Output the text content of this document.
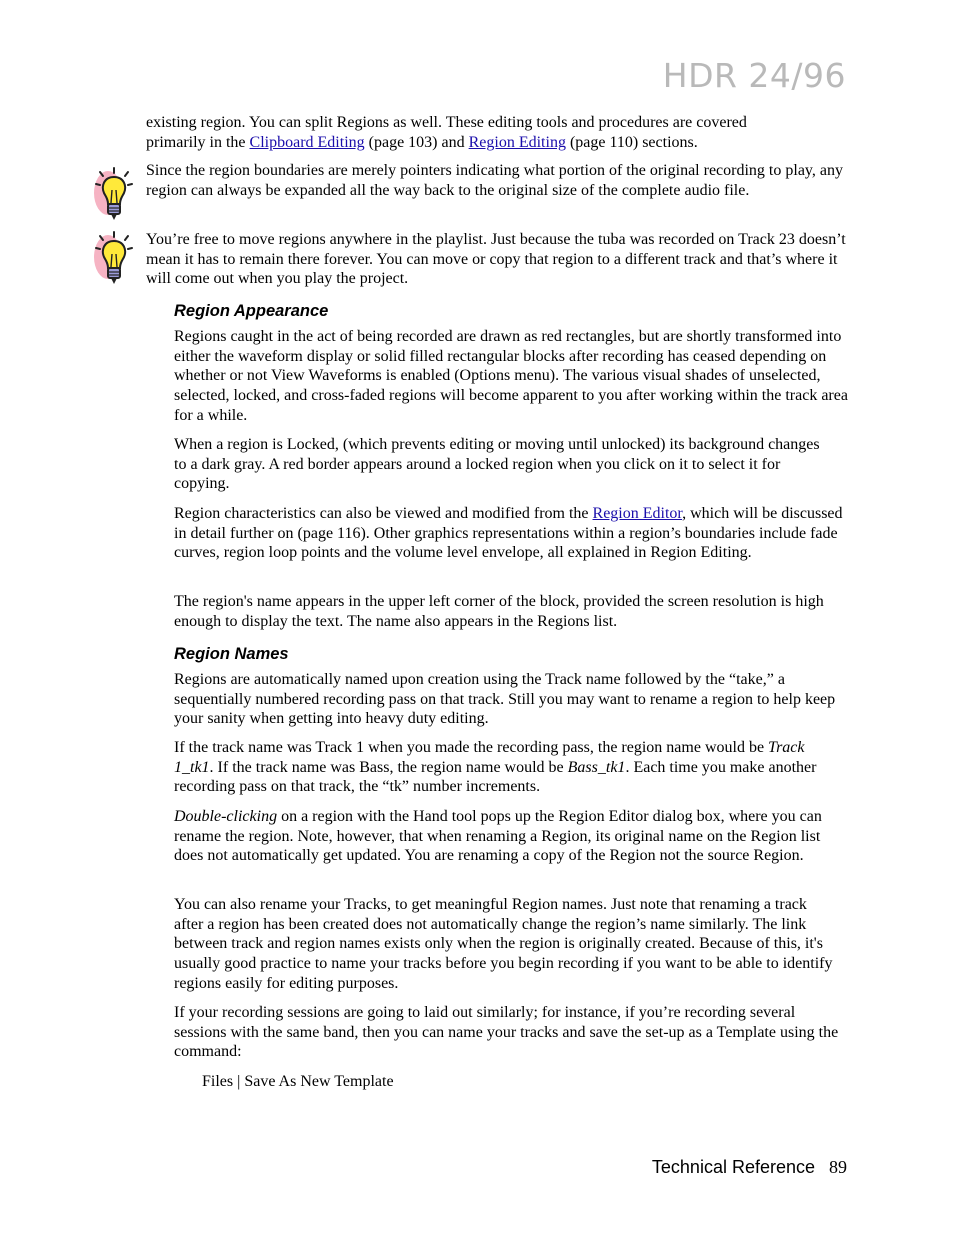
HDR 24/96
existing region. You can split Regions as well. These editing tools and procedures are covered
primarily in the Clipboard Editing (page 103) and Region Editing (page 110) sections.

Since the region boundaries are merely pointers indicating what portion of the original recording to play, any region can always be expanded all the way back to the original size of the complete audio file.

You’re free to move regions anywhere in the playlist. Just because the tuba was recorded on Track 23 doesn’t mean it has to remain there forever. You can move or copy that region to a different track and that’s where it will come out when you play the project.

Region Appearance

Regions caught in the act of being recorded are drawn as red rectangles, but are shortly transformed into either the waveform display or solid filled rectangular blocks after recording has ceased depending on whether or not View Waveforms is enabled (Options menu). The various visual shades of unselected, selected, locked, and cross-faded regions will become apparent to you after working within the track area for a while.

When a region is Locked, (which prevents editing or moving until unlocked) its background changes to a dark gray. A red border appears around a locked region when you click on it to select it for copying.

Region characteristics can also be viewed and modified from the Region Editor, which will be discussed in detail further on (page 116). Other graphics representations within a region’s boundaries include fade curves, region loop points and the volume level envelope, all explained in Region Editing.

The region's name appears in the upper left corner of the block, provided the screen resolution is high enough to display the text. The name also appears in the Regions list.

Region Names

Regions are automatically named upon creation using the Track name followed by the “take,” a sequentially numbered recording pass on that track. Still you may want to rename a region to help keep your sanity when getting into heavy duty editing.

If the track name was Track 1 when you made the recording pass, the region name would be Track 1_tk1. If the track name was Bass, the region name would be Bass_tk1. Each time you make another recording pass on that track, the “tk” number increments.

Double-clicking on a region with the Hand tool pops up the Region Editor dialog box, where you can rename the region. Note, however, that when renaming a Region, its original name on the Region list does not automatically get updated. You are renaming a copy of the Region not the source Region.

You can also rename your Tracks, to get meaningful Region names. Just note that renaming a track after a region has been created does not automatically change the region’s name similarly. The link between track and region names exists only when the region is originally created. Because of this, it's usually good practice to name your tracks before you begin recording if you want to be able to identify regions easily for editing purposes.

If your recording sessions are going to laid out similarly; for instance, if you’re recording several sessions with the same band, then you can name your tracks and save the set-up as a Template using the command:

Files | Save As New Template
Technical Reference 89
